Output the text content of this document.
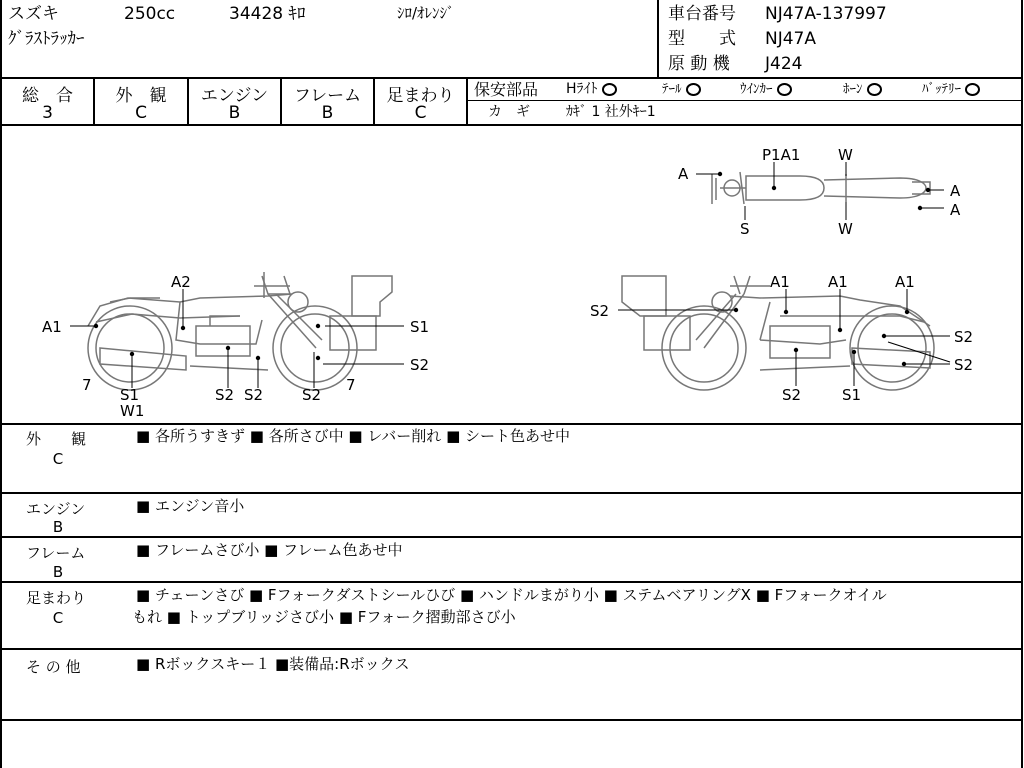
スズキ	250cc	34428 ｷﾛ	ｼﾛ/ｵﾚﾝｼﾞ
ｸﾞﾗｽﾄﾗｯｶｰ
車台番号 NJ47A-137997
型　　式 NJ47A
原 動 機 J424
総　合
3
外　観
C
エンジン
B
フレーム
B
足まわり
C
保安部品 Hﾗｲﾄ	ﾃｰﾙ	ｳｲﾝｶｰ	ﾎｰﾝ	ﾊﾞｯﾃﾘｰ
カ　ギ	ｶｷﾞ 1 社外ｷｰ1
P1A1	W
A
A
A
S	W
A2
A1	S1
S2
7
S1
W1
S2 S2	S2
7
S2
A1	A1	A1
S2
S2
S2	S1
外　　観
C
■ 各所うすきず ■ 各所さび中 ■ レバー削れ ■ シート色あせ中
エンジン
B
■ エンジン音小
フレーム
B
■ フレームさび小 ■ フレーム色あせ中
足まわり
C
■ チェーンさび ■ Fフォークダストシールひび ■ ハンドルまがり小 ■ ステムベアリングX ■ Fフォークオイル
もれ ■ トップブリッジさび小 ■ Fフォーク摺動部さび小
そ の 他	■ Rボックスキー１ ■装備品:Rボックス
